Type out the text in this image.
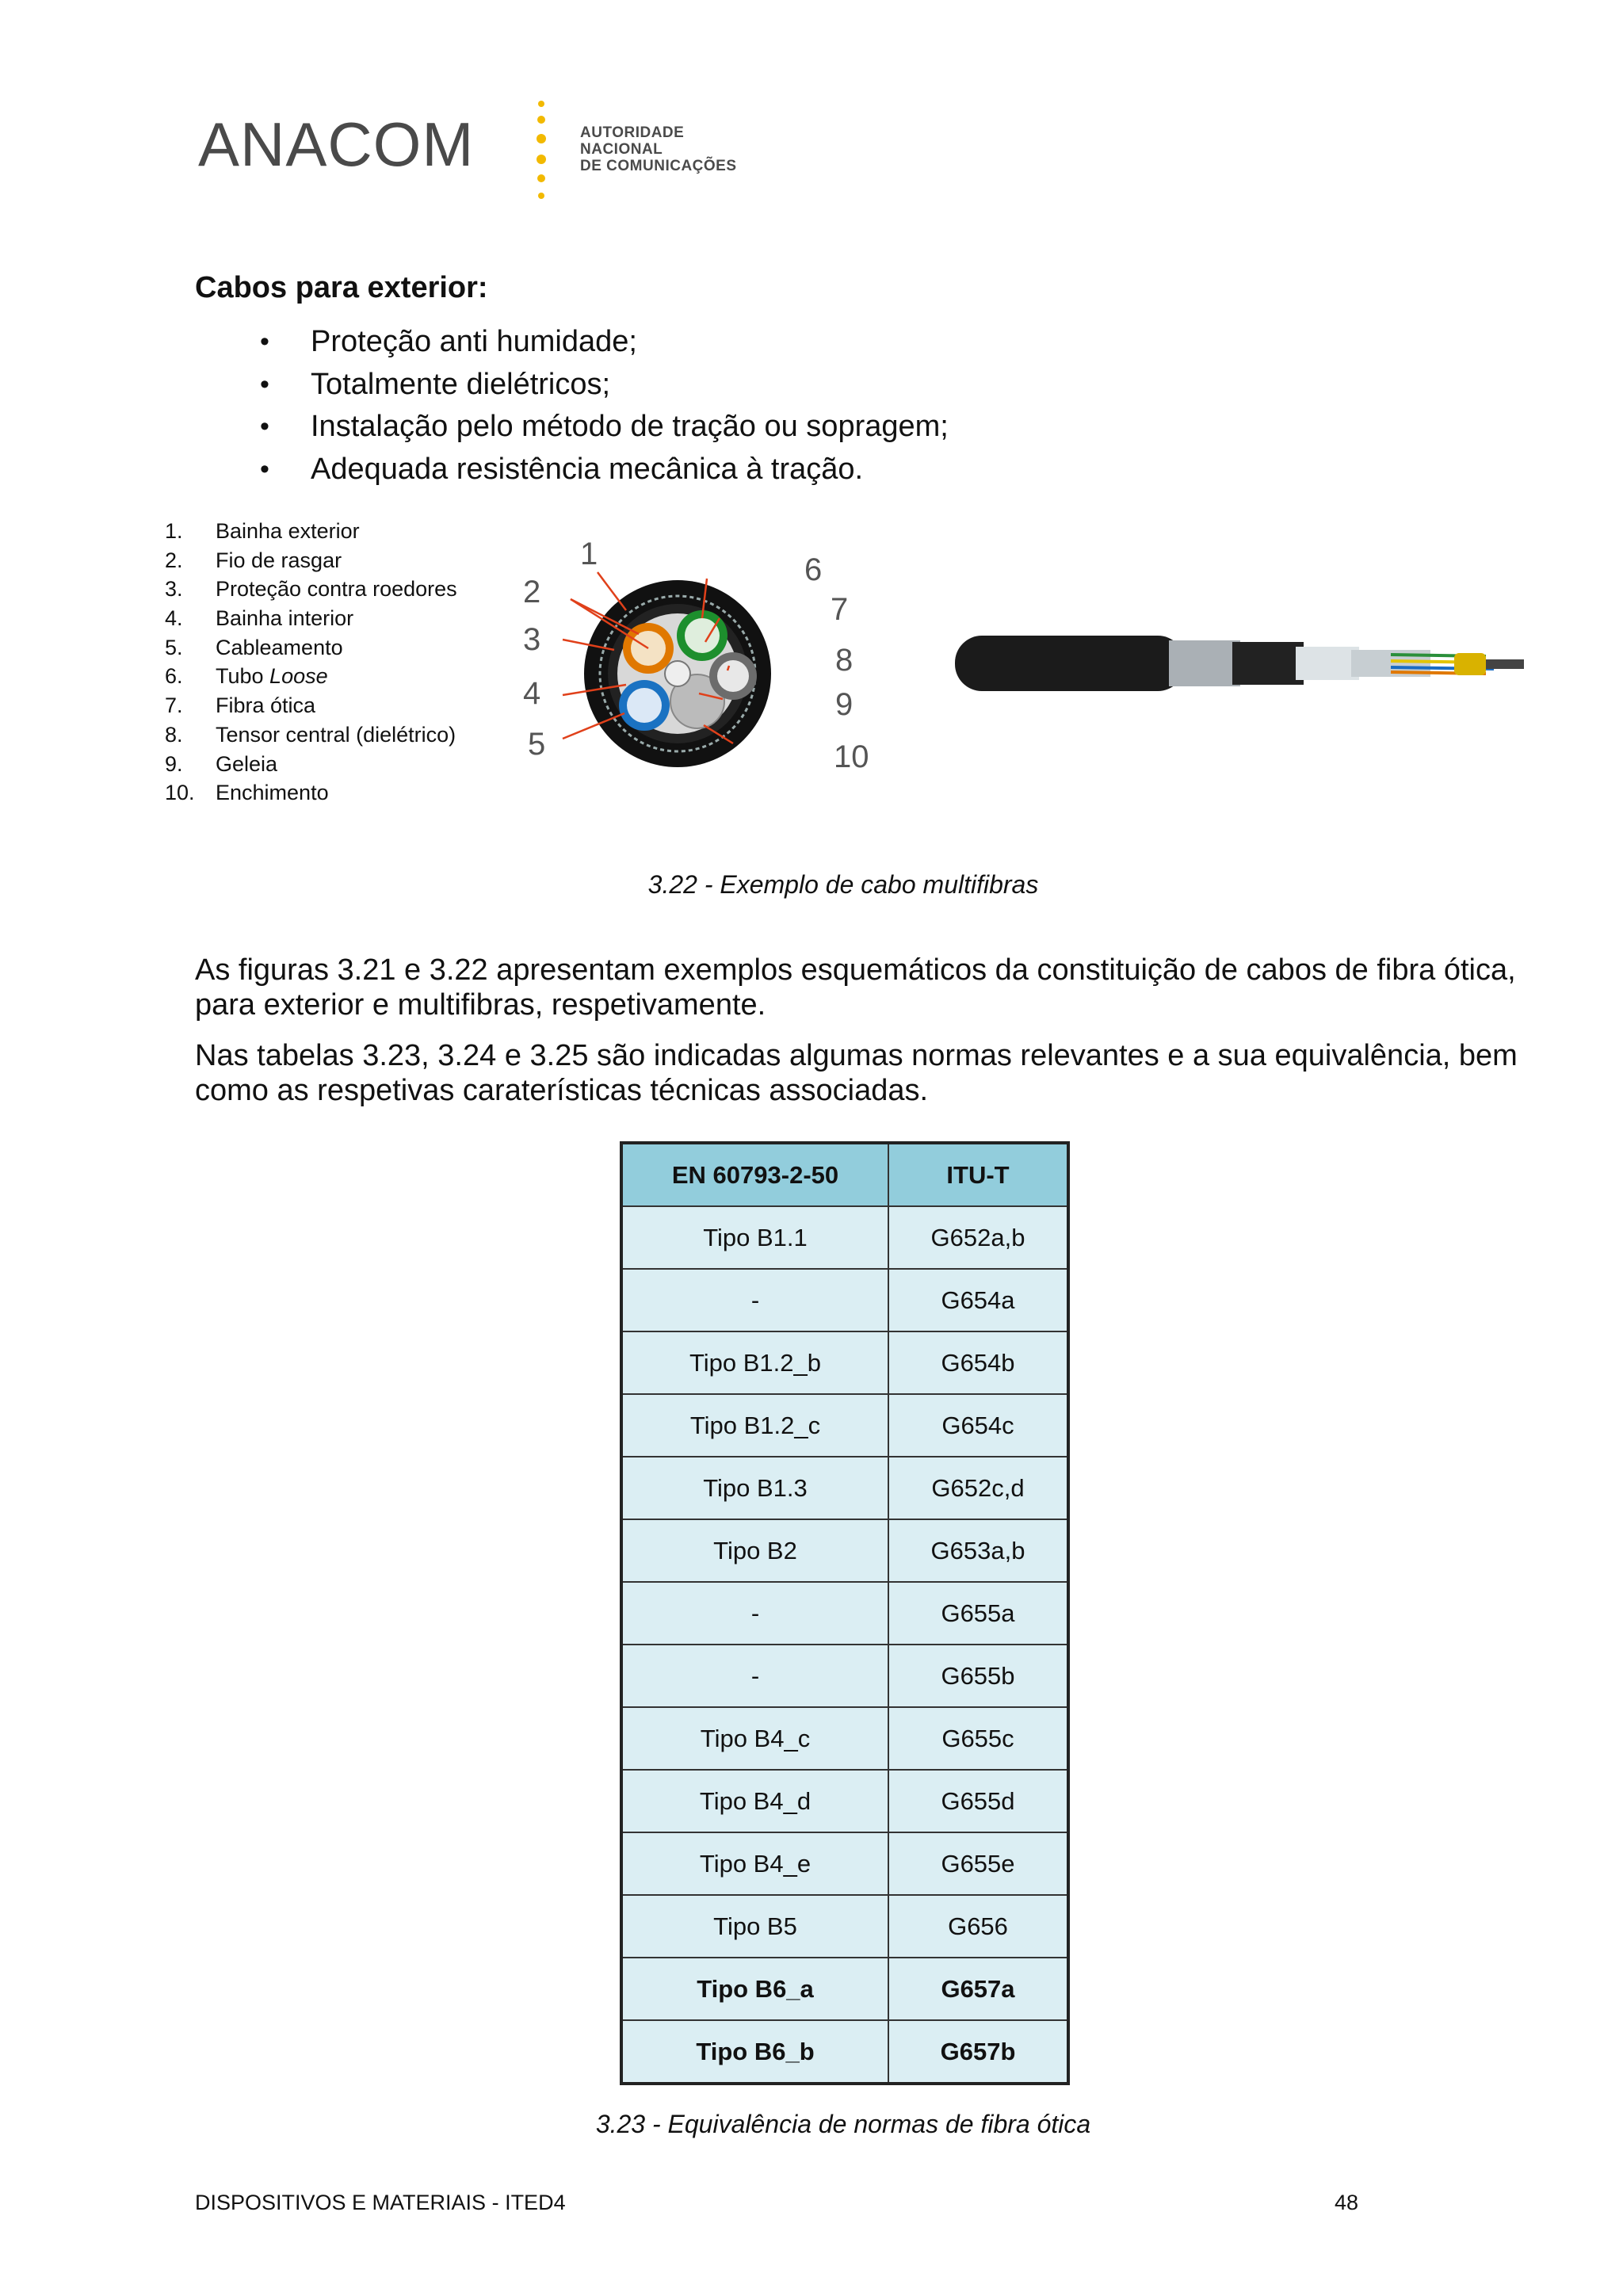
ANACOM	AUTORIDADE
NACIONAL
DE COMUNICAÇÕES
Cabos para exterior:
• Proteção anti humidade;
• Totalmente dielétricos;
• Instalação pelo método de tração ou sopragem;
• Adequada resistência mecânica à tração.
1. Bainha exterior
2. Fio de rasgar
3. Proteção contra roedores
4. Bainha interior
5. Cableamento
6. Tubo Loose
7. Fibra ótica
8. Tensor central (dielétrico)
9. Geleia
10. Enchimento
1
2
3
4
5
6
7
8
9
10
3.22 - Exemplo de cabo multifibras
As figuras 3.21 e 3.22 apresentam exemplos esquemáticos da constituição de cabos de fibra ótica, para exterior e multifibras, respetivamente.
Nas tabelas 3.23, 3.24 e 3.25 são indicadas algumas normas relevantes e a sua equivalência, bem como as respetivas caraterísticas técnicas associadas.
EN 60793-2-50	ITU-T
Tipo B1.1	G652a,b
-	G654a
Tipo B1.2_b	G654b
Tipo B1.2_c	G654c
Tipo B1.3	G652c,d
Tipo B2	G653a,b
-	G655a
-	G655b
Tipo B4_c	G655c
Tipo B4_d	G655d
Tipo B4_e	G655e
Tipo B5	G656
Tipo B6_a	G657a
Tipo B6_b	G657b
3.23 - Equivalência de normas de fibra ótica
DISPOSITIVOS E MATERIAIS - ITED4	48
